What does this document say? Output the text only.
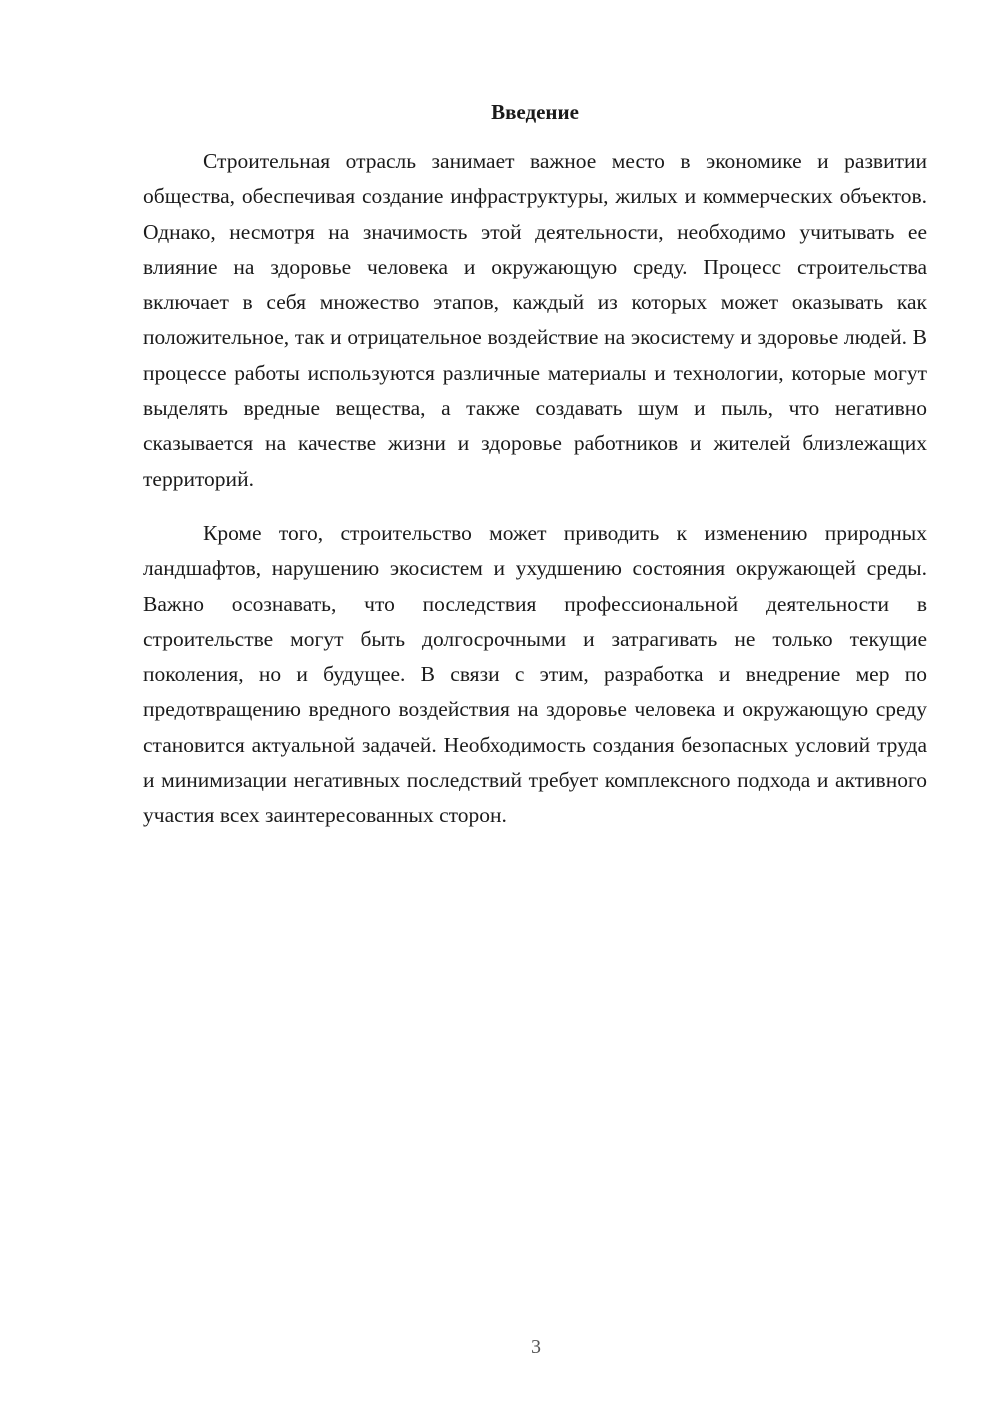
Введение

Строительная отрасль занимает важное место в экономике и развитии общества, обеспечивая создание инфраструктуры, жилых и коммерческих объектов. Однако, несмотря на значимость этой деятельности, необходимо учитывать ее влияние на здоровье человека и окружающую среду. Процесс строительства включает в себя множество этапов, каждый из которых может оказывать как положительное, так и отрицательное воздействие на экосистему и здоровье людей. В процессе работы используются различные материалы и технологии, которые могут выделять вредные вещества, а также создавать шум и пыль, что негативно сказывается на качестве жизни и здоровье работников и жителей близлежащих территорий.

Кроме того, строительство может приводить к изменению природных ландшафтов, нарушению экосистем и ухудшению состояния окружающей среды. Важно осознавать, что последствия профессиональной деятельности в строительстве могут быть долгосрочными и затрагивать не только текущие поколения, но и будущее. В связи с этим, разработка и внедрение мер по предотвращению вредного воздействия на здоровье человека и окружающую среду становится актуальной задачей. Необходимость создания безопасных условий труда и минимизации негативных последствий требует комплексного подхода и активного участия всех заинтересованных сторон.

3
